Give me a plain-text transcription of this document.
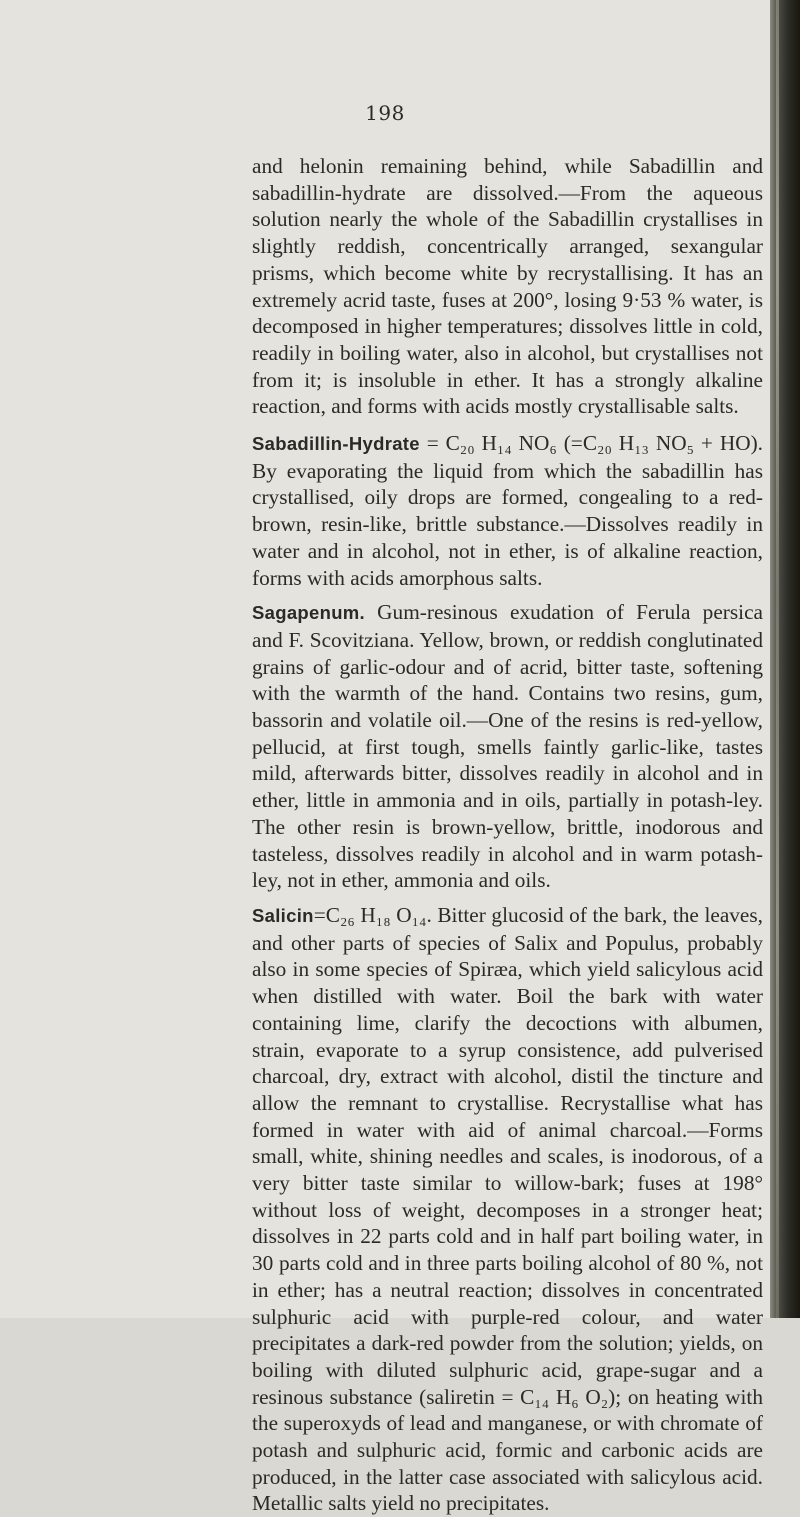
198

and helonin remaining behind, while Sabadillin and sabadillin-hydrate are dissolved.—From the aqueous solution nearly the whole of the Sabadillin crystallises in slightly reddish, concentrically arranged, sexangular prisms, which become white by recrystallising. It has an extremely acrid taste, fuses at 200°, losing 9·53 % water, is decomposed in higher temperatures; dissolves little in cold, readily in boiling water, also in alcohol, but crystallises not from it; is insoluble in ether. It has a strongly alkaline reaction, and forms with acids mostly crystallisable salts.

Sabadillin-Hydrate = C₂₀ H₁₄ NO₆ (=C₂₀ H₁₃ NO₅ + HO). By evaporating the liquid from which the sabadillin has crystallised, oily drops are formed, congealing to a red-brown, resin-like, brittle substance.—Dissolves readily in water and in alcohol, not in ether, is of alkaline reaction, forms with acids amorphous salts.

Sagapenum. Gum-resinous exudation of Ferula persica and F. Scovitziana. Yellow, brown, or reddish conglutinated grains of garlic-odour and of acrid, bitter taste, softening with the warmth of the hand. Contains two resins, gum, bassorin and volatile oil.—One of the resins is red-yellow, pellucid, at first tough, smells faintly garlic-like, tastes mild, afterwards bitter, dissolves readily in alcohol and in ether, little in ammonia and in oils, partially in potash-ley. The other resin is brown-yellow, brittle, inodorous and tasteless, dissolves readily in alcohol and in warm potash-ley, not in ether, ammonia and oils.

Salicin=C₂₆ H₁₈ O₁₄. Bitter glucosid of the bark, the leaves, and other parts of species of Salix and Populus, probably also in some species of Spiræa, which yield salicylous acid when distilled with water. Boil the bark with water containing lime, clarify the decoctions with albumen, strain, evaporate to a syrup consistence, add pulverised charcoal, dry, extract with alcohol, distil the tincture and allow the remnant to crystallise. Recrystallise what has formed in water with aid of animal charcoal.—Forms small, white, shining needles and scales, is inodorous, of a very bitter taste similar to willow-bark; fuses at 198° without loss of weight, decomposes in a stronger heat; dissolves in 22 parts cold and in half part boiling water, in 30 parts cold and in three parts boiling alcohol of 80 %, not in ether; has a neutral reaction; dissolves in concentrated sulphuric acid with purple-red colour, and water precipitates a dark-red powder from the solution; yields, on boiling with diluted sulphuric acid, grape-sugar and a resinous substance (saliretin = C₁₄ H₆ O₂); on heating with the superoxyds of lead and manganese, or with chromate of potash and sulphuric acid, formic and carbonic acids are produced, in the latter case associated with salicylous acid. Metallic salts yield no precipitates.
